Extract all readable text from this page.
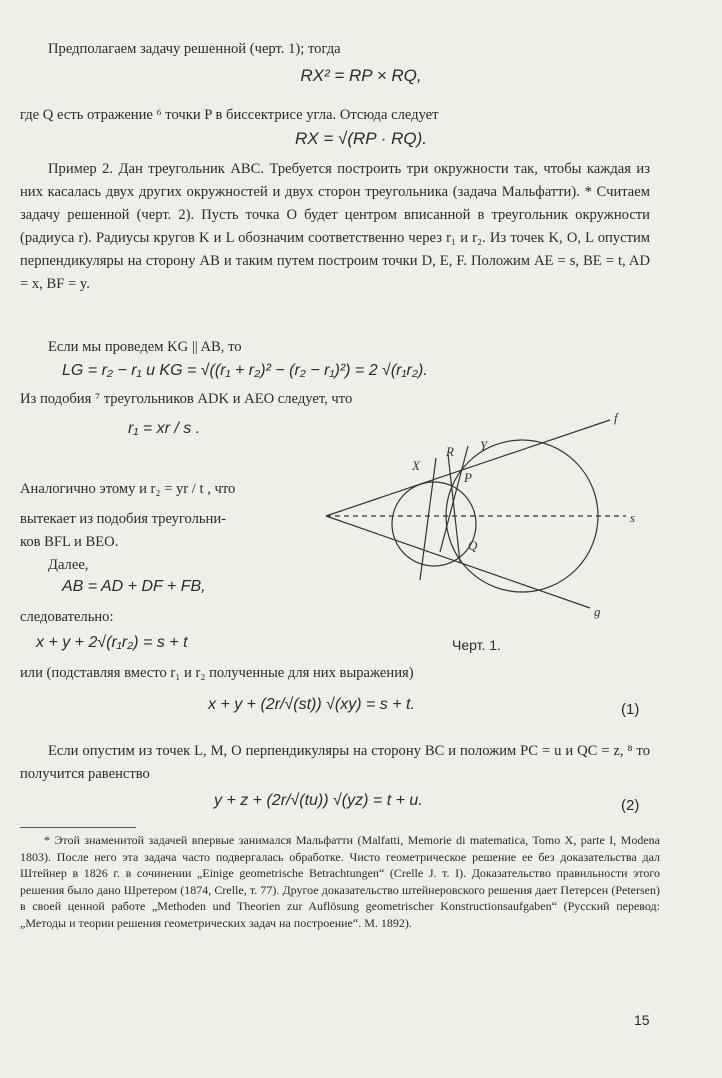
Предполагаем задачу решенной (черт. 1); тогда

RX² = RP × RQ,

где Q есть отражение ⁶ точки P в биссектрисе угла. Отсюда следует

RX = √(RP · RQ).

Пример 2. Дан треугольник ABC. Требуется построить три окружности так, чтобы каждая из них касалась двух других окружностей и двух сторон треугольника (задача Мальфатти). * Считаем задачу решенной (черт. 2). Пусть точка O будет центром вписанной в треугольник окружности (радиуса r). Радиусы кругов K и L обозначим соответственно через r₁ и r₂. Из точек K, O, L опустим перпендикуляры на сторону AB и таким путем построим точки D, E, F. Положим AE = s, BE = t, AD = x, BF = y.

Если мы проведем KG || AB, то

LG = r₂ − r₁ и KG = √((r₁ + r₂)² − (r₂ − r₁)²) = 2 √(r₁r₂).

Из подобия ⁷ треугольников ADK и AEO следует, что

r₁ = xr / s .

Аналогично этому и r₂ = yr / t , что

вытекает из подобия треугольни-

ков BFL и BEO.

Далее,

AB = AD + DF + FB,

следовательно:

x + y + 2√(r₁r₂) = s + t
f
s
g
R Y
X
P
Q
Черт. 1.

или (подставляя вместо r₁ и r₂ полученные для них выражения)

x + y + (2r/√(st)) √(xy) = s + t.	(1)

Если опустим из точек L, M, O перпендикуляры на сторону BC и положим PC = u и QC = z, ⁸ то получится равенство

y + z + (2r/√(tu)) √(yz) = t + u.	(2)

* Этой знаменитой задачей впервые занимался Мальфатти (Malfatti, Memorie di matematica, Tomo X, parte I, Modena 1803). После него эта задача часто подвергалась обработке. Чисто геометрическое решение ее без доказательства дал Штейнер в 1826 г. в сочинении „Einige geometrische Betrachtungen“ (Crelle J. т. I). Доказательство правильности этого решения было дано Шретером (1874, Crelle, т. 77). Другое доказательство штейнеровского решения дает Петерсен (Petersen) в своей ценной работе „Methoden und Theorien zur Auflösung geometrischer Konstructionsaufgaben“ (Русский перевод: „Методы и теории решения геометрических задач на построение“. М. 1892).

15
